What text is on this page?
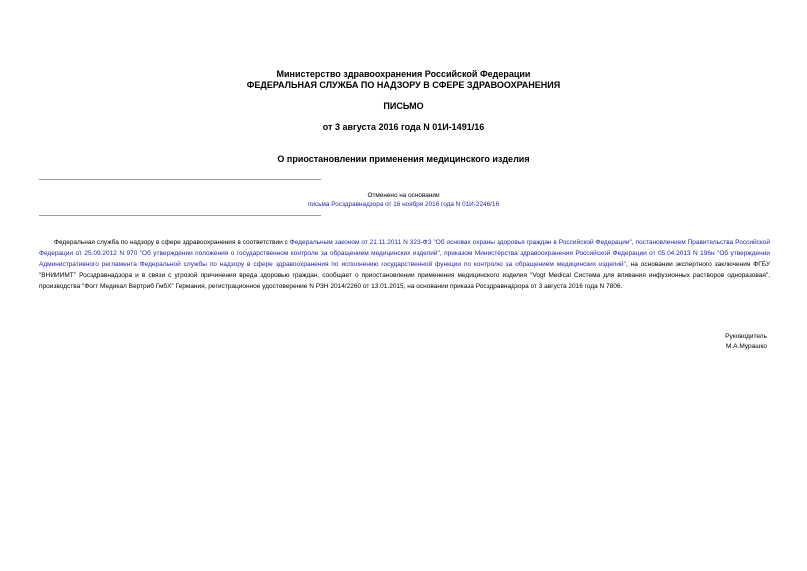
Министерство здравоохранения Российской Федерации
ФЕДЕРАЛЬНАЯ СЛУЖБА ПО НАДЗОРУ В СФЕРЕ ЗДРАВООХРАНЕНИЯ
ПИСЬМО
от 3 августа 2016 года N 01И-1491/16
О приостановлении применения медицинского изделия
Отменено на основании
письма Росздравнадзора от 16 ноября 2016 года N 01И-2246/16
Федеральная служба по надзору в сфере здравоохранения в соответствии с Федеральным законом от 21.11.2011 N 323-ФЗ "Об основах охраны здоровья граждан в Российской Федерации", постановлением Правительства Российской Федерации от 25.09.2012 N 970 "Об утверждении положения о государственном контроле за обращением медицинских изделий", приказом Министерства здравоохранения Российской Федерации от 05.04.2013 N 196н "Об утверждении Административного регламента Федеральной службы по надзору в сфере здравоохранения по исполнению государственной функции по контролю за обращением медицинских изделий", на основании экспертного заключения ФГБУ "ВНИИИМТ" Росздравнадзора и в связи с угрозой причинения вреда здоровью граждан, сообщает о приостановлении применения медицинского изделия "Vogt Medical Система для вливания инфузионных растворов одноразовая", производства "Фогт Медикал Вертриб ГмбХ" Германия, регистрационное удостоверение N РЗН 2014/2260 от 13.01.2015, на основании приказа Росздравнадзора от 3 августа 2016 года N 7806.
Руководитель
М.А.Мурашко
